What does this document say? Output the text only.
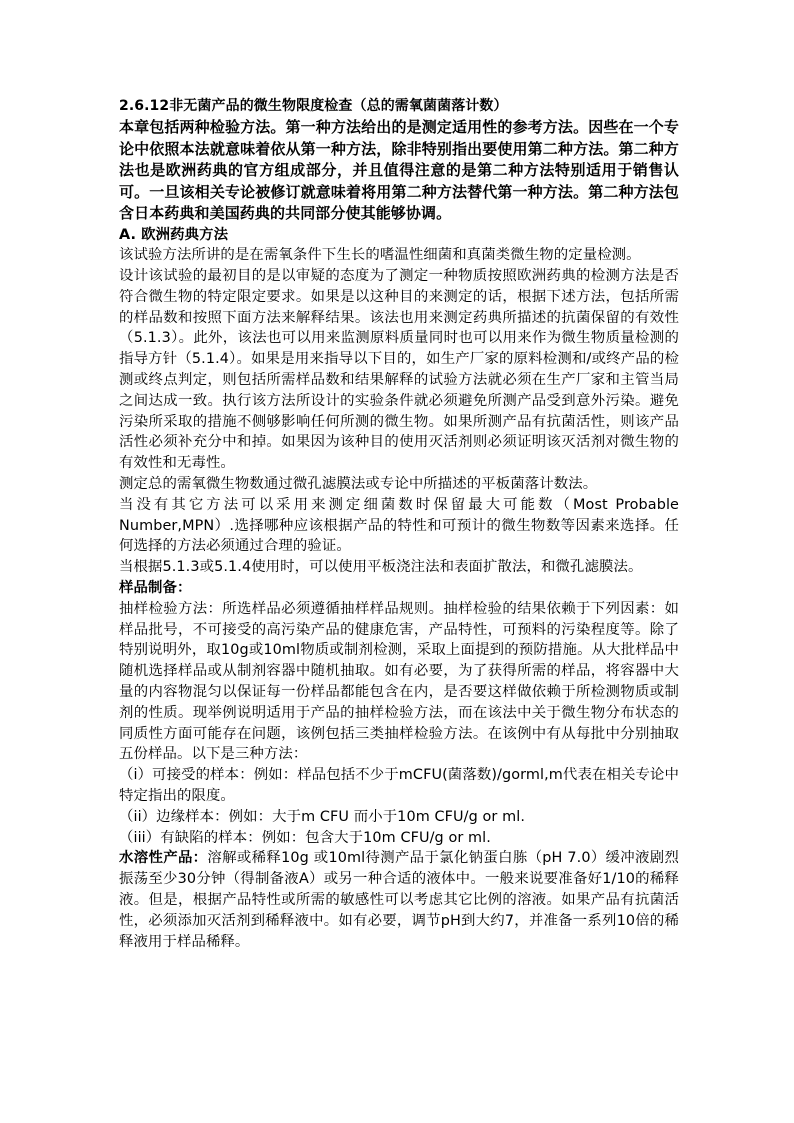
2.6.12非无菌产品的微生物限度检查（总的需氧菌菌落计数）

本章包括两种检验方法。第一种方法给出的是测定适用性的参考方法。因些在一个专论中依照本法就意味着依从第一种方法，除非特别指出要使用第二种方法。第二种方法也是欧洲药典的官方组成部分，并且值得注意的是第二种方法特别适用于销售认可。一旦该相关专论被修订就意味着将用第二种方法替代第一种方法。第二种方法包含日本药典和美国药典的共同部分使其能够协调。

A. 欧洲药典方法

该试验方法所讲的是在需氧条件下生长的嗜温性细菌和真菌类微生物的定量检测。

设计该试验的最初目的是以审疑的态度为了测定一种物质按照欧洲药典的检测方法是否符合微生物的特定限定要求。如果是以这种目的来测定的话，根据下述方法，包括所需的样品数和按照下面方法来解释结果。该法也用来测定药典所描述的抗菌保留的有效性（5.1.3）。此外，该法也可以用来监测原料质量同时也可以用来作为微生物质量检测的指导方针（5.1.4）。如果是用来指导以下目的，如生产厂家的原料检测和/或终产品的检测或终点判定，则包括所需样品数和结果解释的试验方法就必须在生产厂家和主管当局之间达成一致。执行该方法所设计的实验条件就必须避免所测产品受到意外污染。避免污染所采取的措施不侧够影响任何所测的微生物。如果所测产品有抗菌活性，则该产品活性必须补充分中和掉。如果因为该种目的使用灭活剂则必须证明该灭活剂对微生物的有效性和无毒性。

测定总的需氧微生物数通过微孔滤膜法或专论中所描述的平板菌落计数法。

当没有其它方法可以采用来测定细菌数时保留最大可能数（Most Probable Number,MPN）.选择哪种应该根据产品的特性和可预计的微生物数等因素来选择。任何选择的方法必须通过合理的验证。

当根据5.1.3或5.1.4使用时，可以使用平板浇注法和表面扩散法，和微孔滤膜法。

样品制备：

抽样检验方法：所选样品必须遵循抽样样品规则。抽样检验的结果依赖于下列因素：如样品批号，不可接受的高污染产品的健康危害，产品特性，可预料的污染程度等。除了特别说明外，取10g或10ml物质或制剂检测，采取上面提到的预防措施。从大批样品中随机选择样品或从制剂容器中随机抽取。如有必要，为了获得所需的样品，将容器中大量的内容物混匀以保证每一份样品都能包含在内，是否要这样做依赖于所检测物质或制剂的性质。现举例说明适用于产品的抽样检验方法，而在该法中关于微生物分布状态的同质性方面可能存在问题，该例包括三类抽样检验方法。在该例中有从每批中分别抽取五份样品。以下是三种方法：

（i）可接受的样本：例如：样品包括不少于mCFU(菌落数)/gorml,m代表在相关专论中特定指出的限度。

（ii）边缘样本：例如：大于m CFU 而小于10m CFU/g or ml.

（iii）有缺陷的样本：例如：包含大于10m CFU/g or ml.

水溶性产品：溶解或稀释10g 或10ml待测产品于氯化钠蛋白胨（pH 7.0）缓冲液剧烈振荡至少30分钟（得制备液A）或另一种合适的液体中。一般来说要准备好1/10的稀释液。但是，根据产品特性或所需的敏感性可以考虑其它比例的溶液。如果产品有抗菌活性，必须添加灭活剂到稀释液中。如有必要，调节pH到大约7，并准备一系列10倍的稀释液用于样品稀释。
